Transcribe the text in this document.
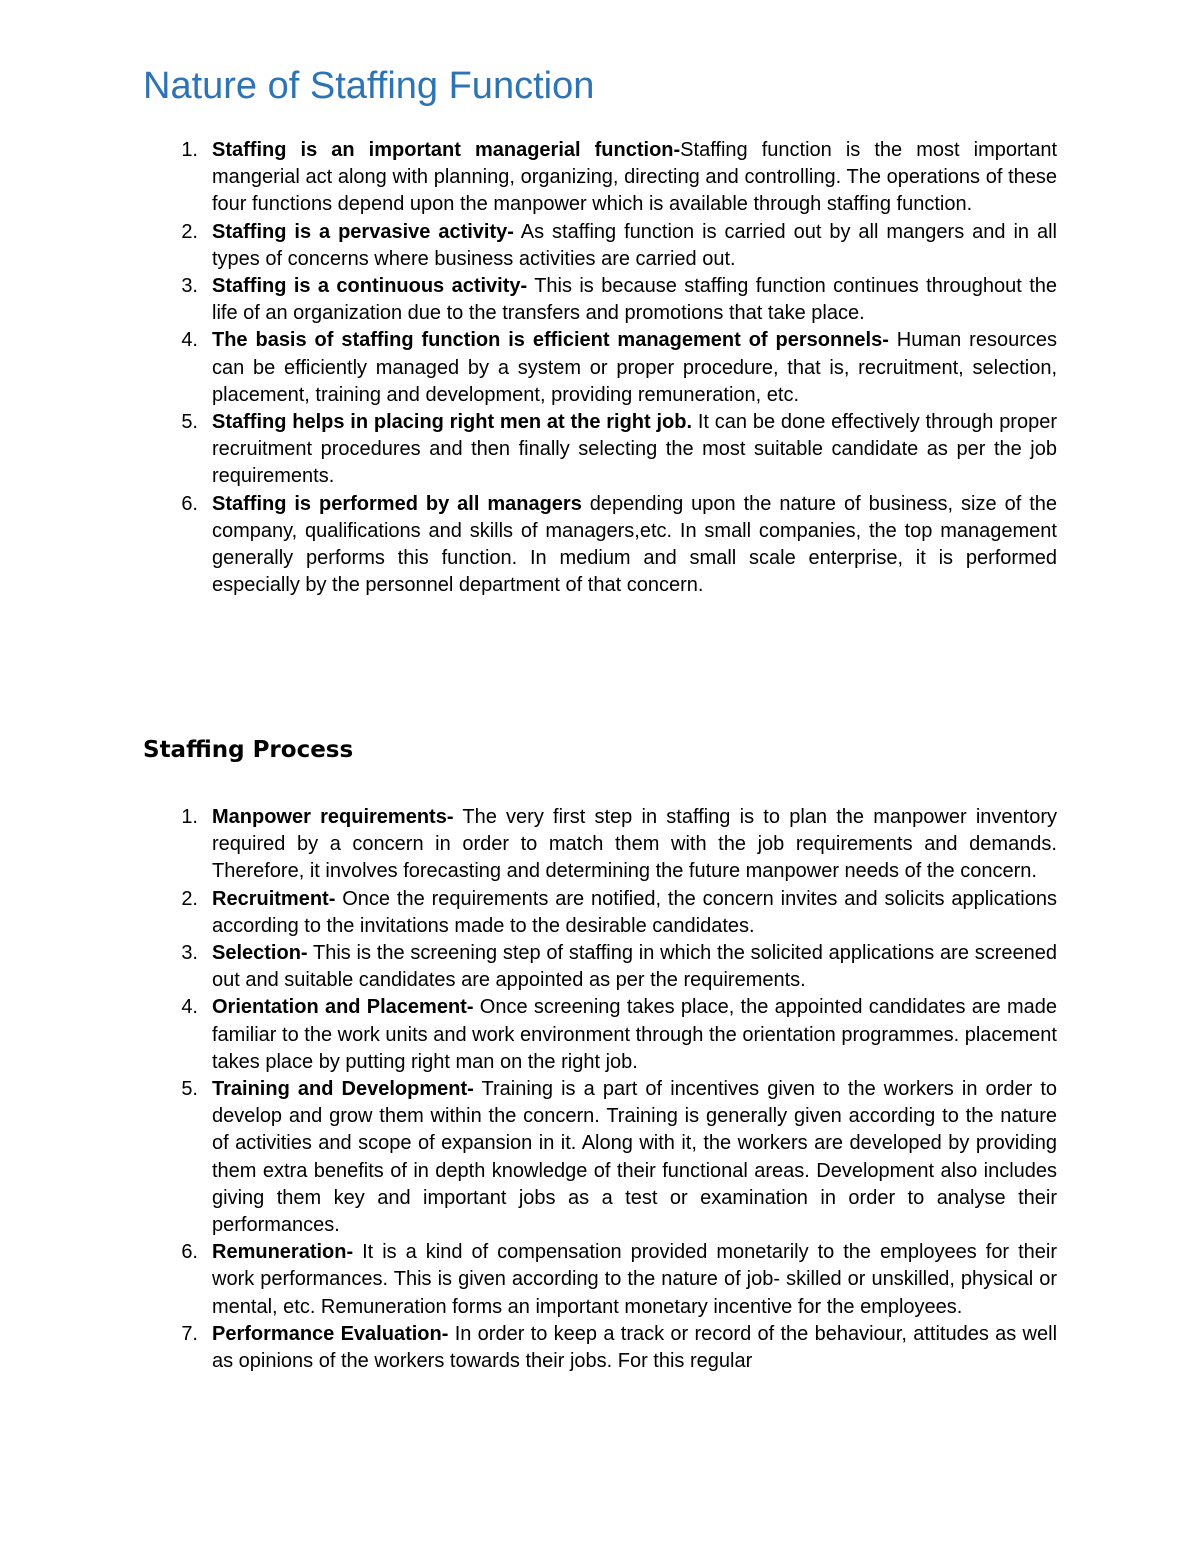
Nature of Staffing Function
1. Staffing is an important managerial function-Staffing function is the most important mangerial act along with planning, organizing, directing and controlling. The operations of these four functions depend upon the manpower which is available through staffing function.
2. Staffing is a pervasive activity- As staffing function is carried out by all mangers and in all types of concerns where business activities are carried out.
3. Staffing is a continuous activity- This is because staffing function continues throughout the life of an organization due to the transfers and promotions that take place.
4. The basis of staffing function is efficient management of personnels- Human resources can be efficiently managed by a system or proper procedure, that is, recruitment, selection, placement, training and development, providing remuneration, etc.
5. Staffing helps in placing right men at the right job. It can be done effectively through proper recruitment procedures and then finally selecting the most suitable candidate as per the job requirements.
6. Staffing is performed by all managers depending upon the nature of business, size of the company, qualifications and skills of managers,etc. In small companies, the top management generally performs this function. In medium and small scale enterprise, it is performed especially by the personnel department of that concern.
Staffing Process
1. Manpower requirements- The very first step in staffing is to plan the manpower inventory required by a concern in order to match them with the job requirements and demands. Therefore, it involves forecasting and determining the future manpower needs of the concern.
2. Recruitment- Once the requirements are notified, the concern invites and solicits applications according to the invitations made to the desirable candidates.
3. Selection- This is the screening step of staffing in which the solicited applications are screened out and suitable candidates are appointed as per the requirements.
4. Orientation and Placement- Once screening takes place, the appointed candidates are made familiar to the work units and work environment through the orientation programmes. placement takes place by putting right man on the right job.
5. Training and Development- Training is a part of incentives given to the workers in order to develop and grow them within the concern. Training is generally given according to the nature of activities and scope of expansion in it. Along with it, the workers are developed by providing them extra benefits of in depth knowledge of their functional areas. Development also includes giving them key and important jobs as a test or examination in order to analyse their performances.
6. Remuneration- It is a kind of compensation provided monetarily to the employees for their work performances. This is given according to the nature of job- skilled or unskilled, physical or mental, etc. Remuneration forms an important monetary incentive for the employees.
7. Performance Evaluation- In order to keep a track or record of the behaviour, attitudes as well as opinions of the workers towards their jobs. For this regular
